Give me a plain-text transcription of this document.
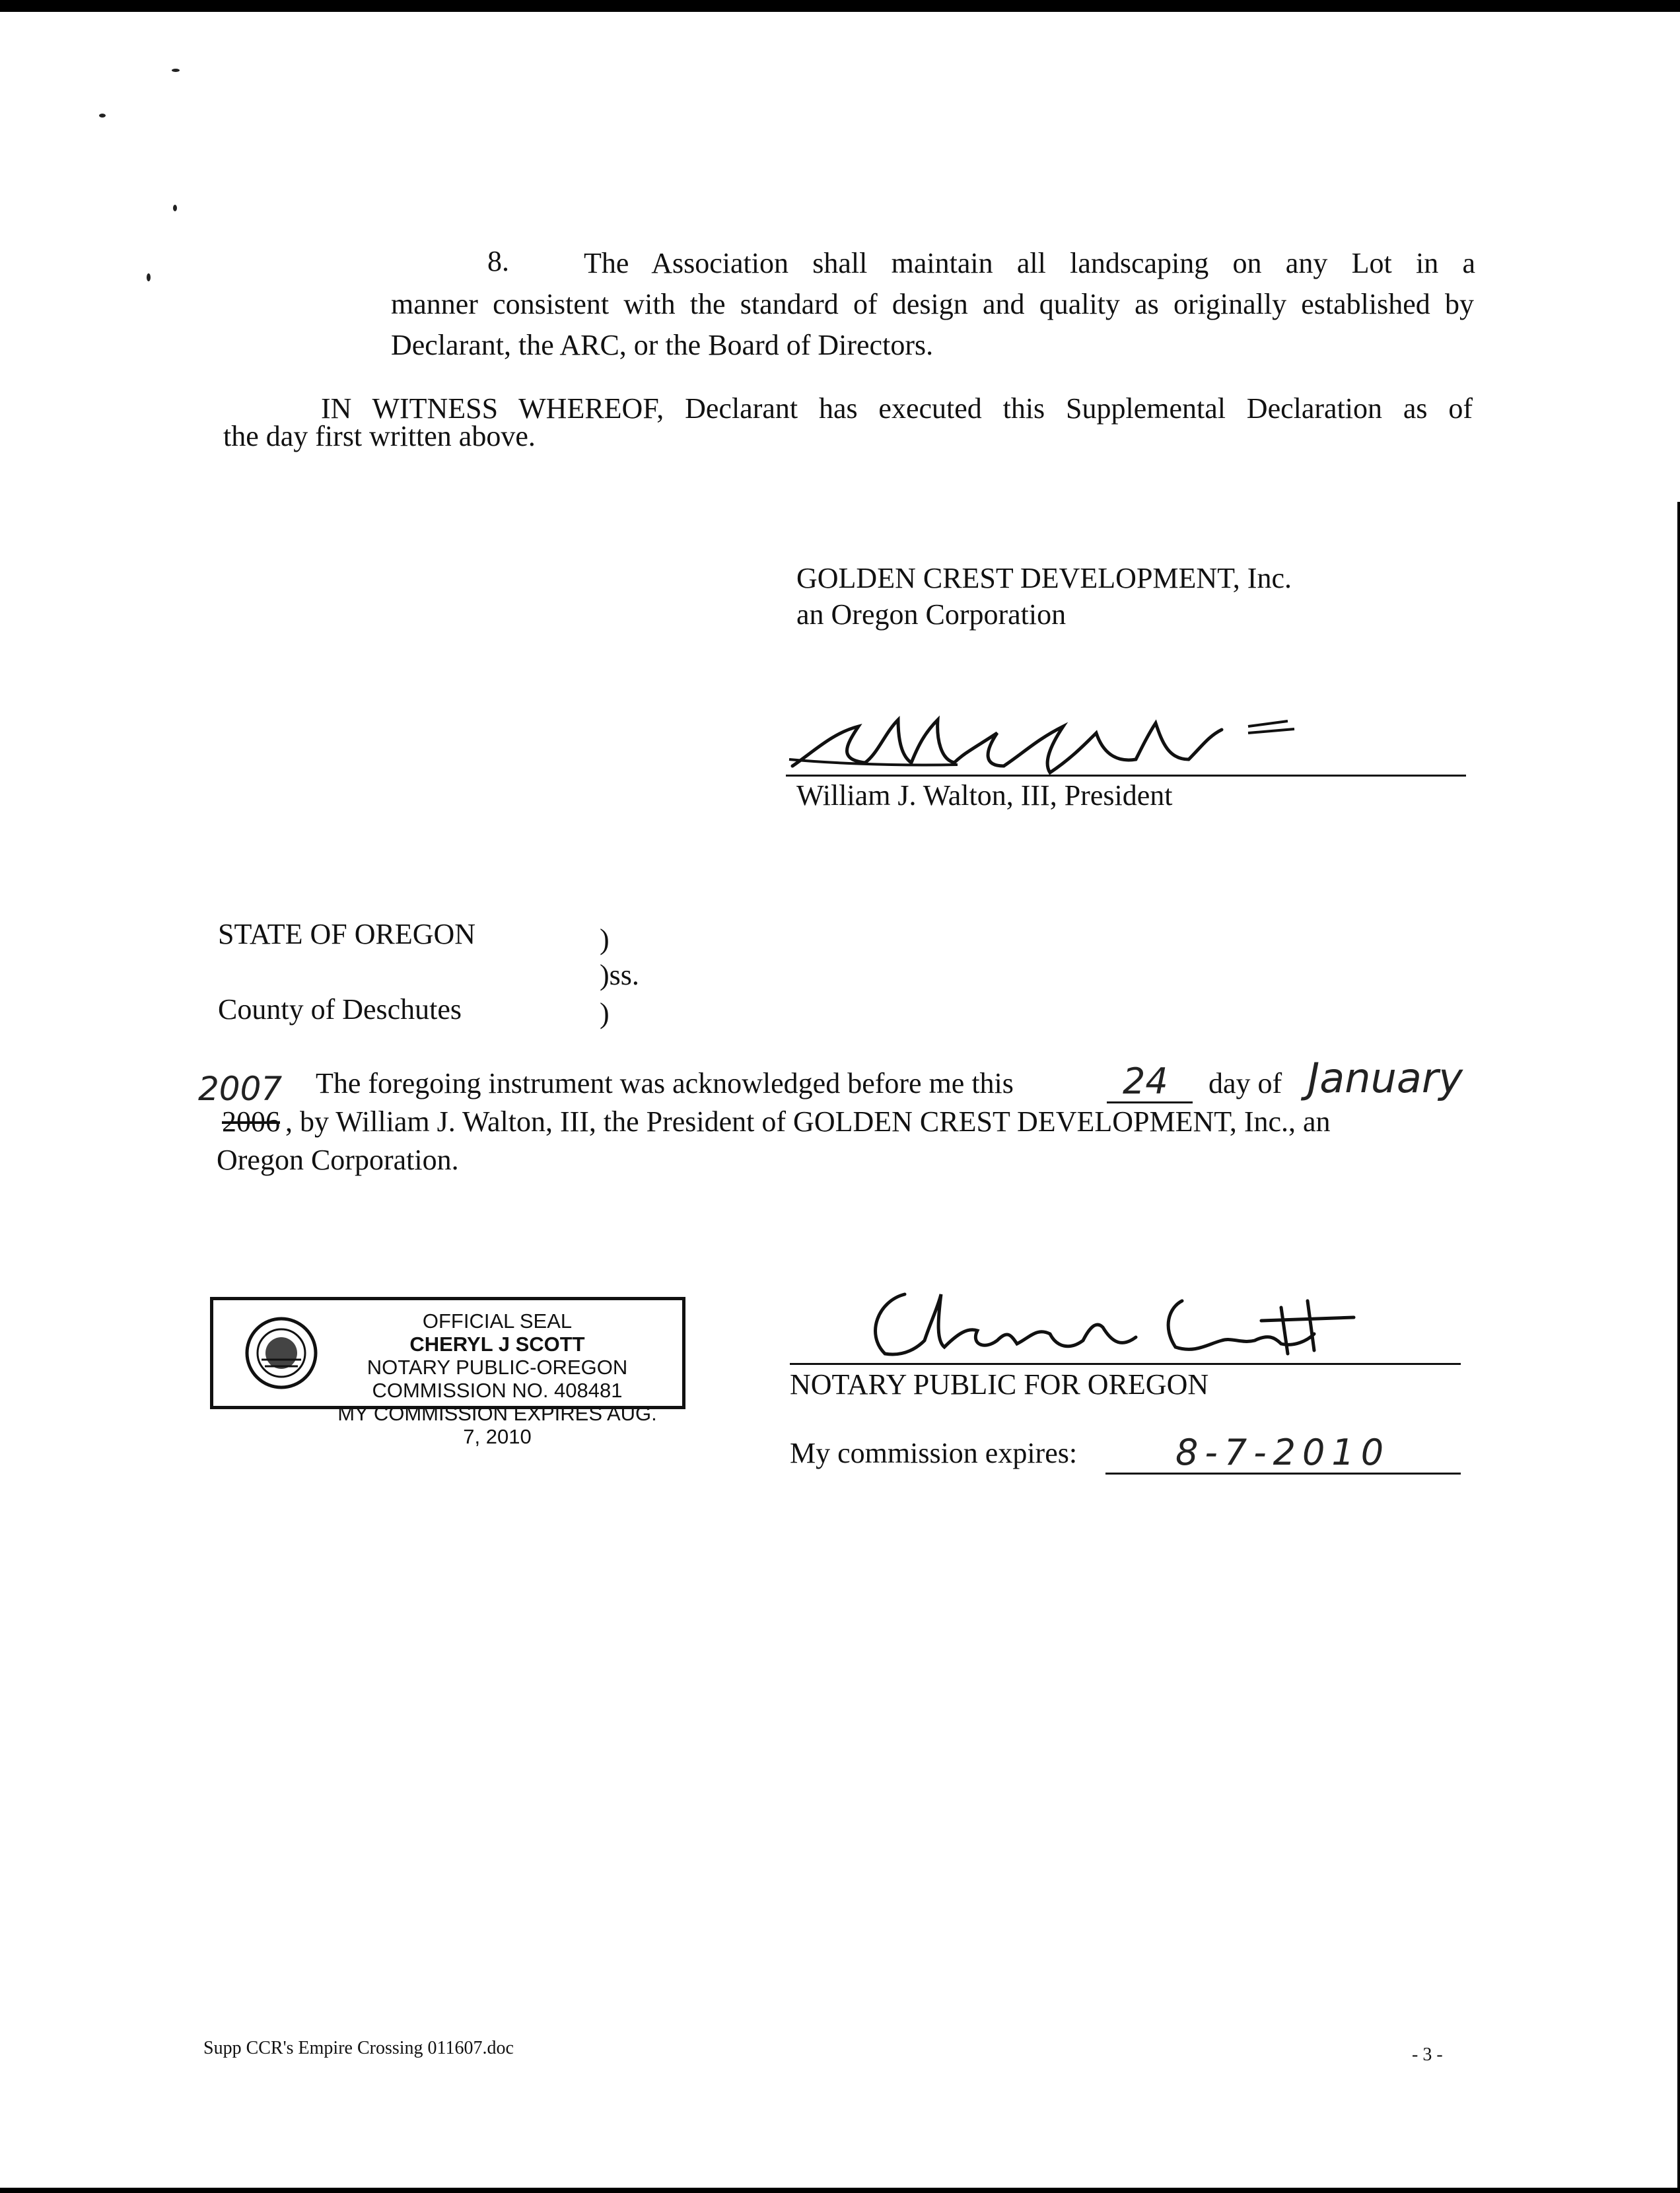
8.	The Association shall maintain all landscaping on any Lot in a
manner consistent with the standard of design and quality as originally established by Declarant, the ARC, or the Board of Directors.
IN WITNESS WHEREOF, Declarant has executed this Supplemental Declaration as of
the day first written above.
GOLDEN CREST DEVELOPMENT, Inc.
an Oregon Corporation
William J. Walton, III, President
STATE OF OREGON	)
)ss.
County of Deschutes	)
2007 The foregoing instrument was acknowledged before me this	24 day of January
2006 , by William J. Walton, III, the President of GOLDEN CREST DEVELOPMENT, Inc., an
Oregon Corporation.
OFFICIAL SEAL
CHERYL J SCOTT
NOTARY PUBLIC-OREGON
COMMISSION NO. 408481
MY COMMISSION EXPIRES AUG. 7, 2010
NOTARY PUBLIC FOR OREGON
My commission expires:	8-7-2010
Supp CCR's Empire Crossing 011607.doc	- 3 -
